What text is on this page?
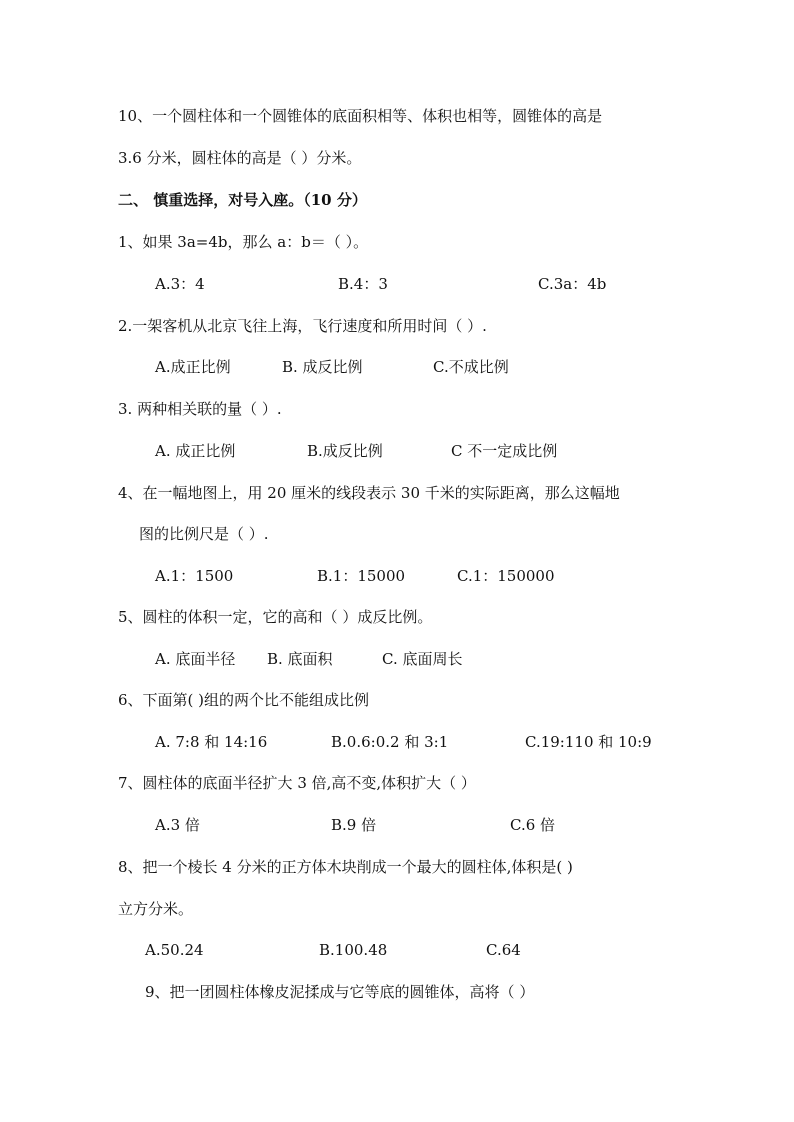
10、一个圆柱体和一个圆锥体的底面积相等、体积也相等，圆锥体的高是
3.6 分米，圆柱体的高是（ ）分米。
二、 慎重选择，对号入座。（10 分）
1、如果 3a=4b，那么 a：b＝（ ）。
A.3：4	B.4：3	C.3a：4b
2.一架客机从北京飞往上海，飞行速度和所用时间（ ）.
A.成正比例	B. 成反比例	C.不成比例
3. 两种相关联的量（ ）.
A. 成正比例	B.成反比例	C 不一定成比例
4、在一幅地图上，用 20 厘米的线段表示 30 千米的实际距离，那么这幅地
图的比例尺是（ ）.
A.1：1500	B.1：15000	C.1：150000
5、圆柱的体积一定，它的高和（ ）成反比例。
A. 底面半径 B. 底面积	C. 底面周长
6、下面第( )组的两个比不能组成比例
A. 7:8 和 14:16	B.0.6:0.2 和 3:1	C.19:110 和 10:9
7、圆柱体的底面半径扩大 3 倍,高不变,体积扩大（ ）
A.3 倍	B.9 倍	C.6 倍
8、把一个棱长 4 分米的正方体木块削成一个最大的圆柱体,体积是( )
立方分米。
A.50.24	B.100.48	C.64
9、把一团圆柱体橡皮泥揉成与它等底的圆锥体，高将（ ）
